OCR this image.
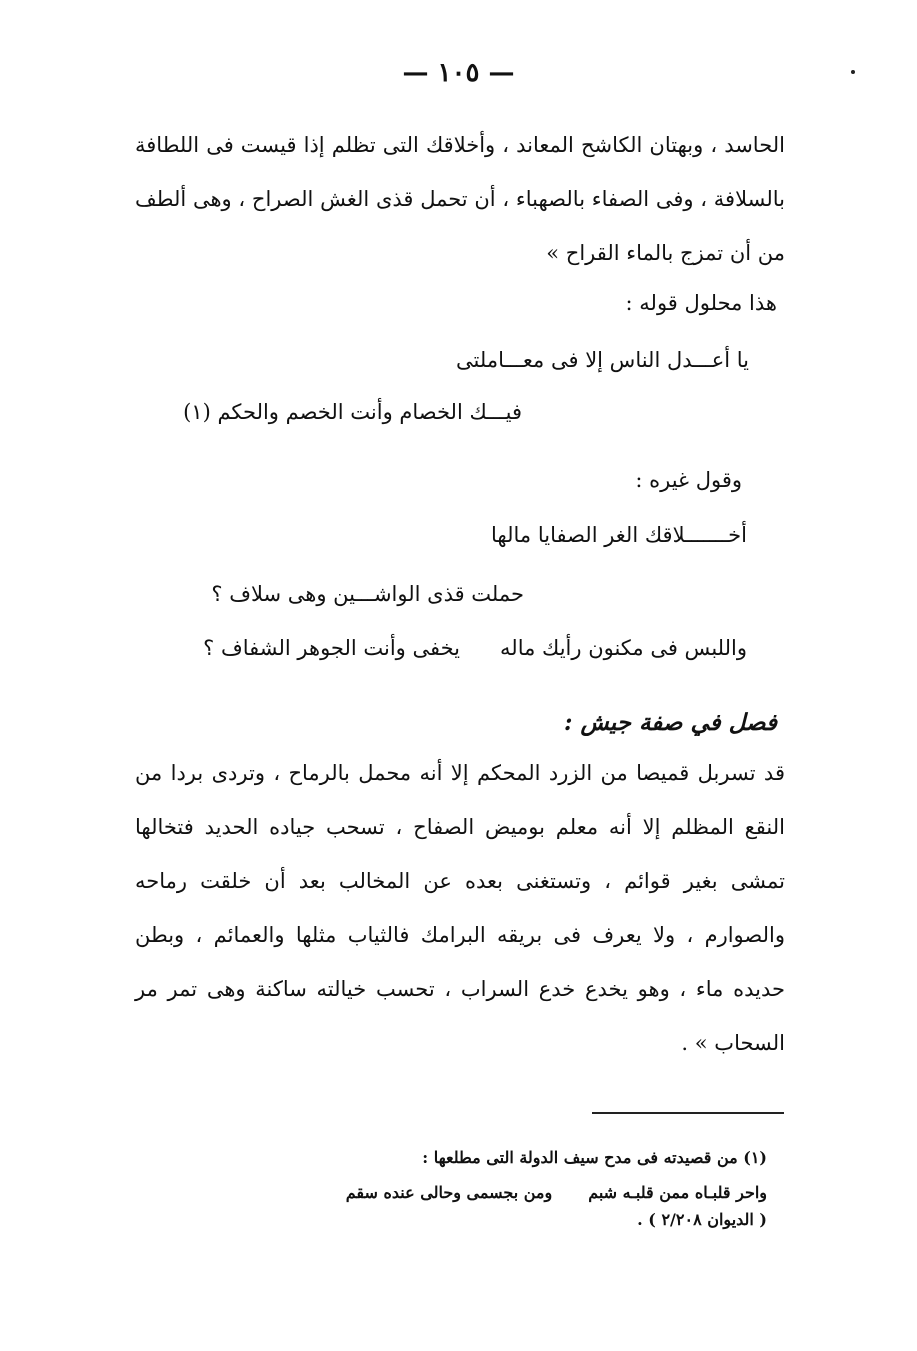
— ١٠٥ —
الحاسد ، وبهتان الكاشح المعاند ، وأخلاقك التى تظلم إذا قيست فى اللطافة بالسلافة ، وفى الصفاء بالصهباء ، أن تحمل قذى الغش الصراح ، وهى ألطف من أن تمزج بالماء القراح »
هذا محلول قوله :
يا أعـــدل الناس إلا فى معـــاملتى
فيـــك الخصام وأنت الخصم والحكم (١)
وقول غيره :
أخـــــــلاقك الغر الصفايا مالها
حملت قذى الواشـــين وهى سلاف ؟
واللبس فى مكنون رأيك مالهيخفى وأنت الجوهر الشفاف ؟
فصل في صفة جيش :
قد تسربل قميصا من الزرد المحكم إلا أنه محمل بالرماح ، وتردى بردا من النقع المظلم إلا أنه معلم بوميض الصفاح ، تسحب جياده الحديد فتخالها تمشى بغير قوائم ، وتستغنى بعده عن المخالب بعد أن خلقت رماحه والصوارم ، ولا يعرف فى بريقه البرامك فالثياب مثلها والعمائم ، وبطن حديده ماء ، وهو يخدع خدع السراب ، تحسب خيالته ساكنة وهى تمر مر السحاب » .
(١) من قصيدته فى مدح سيف الدولة التى مطلعها :
واحر قلبـاه ممن قلبـه شبمومن بجسمى وحالى عنده سقم
( الديوان ٢/٢٠٨ ) .
